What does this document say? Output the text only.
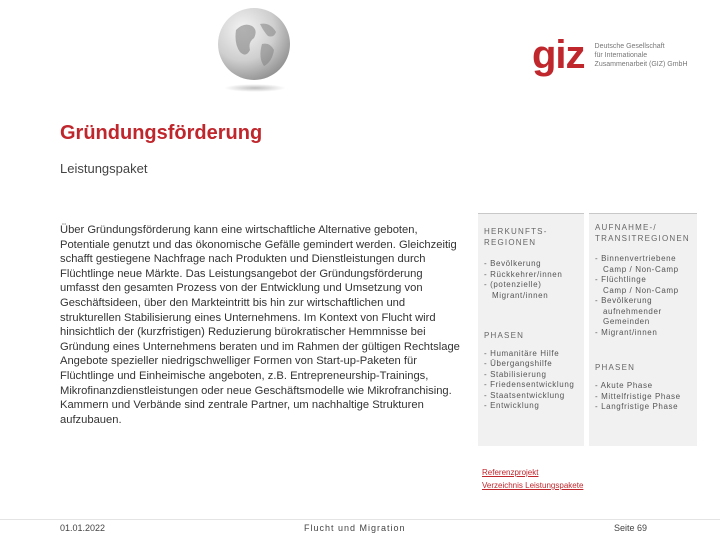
giz Deutsche Gesellschaft
für Internationale
Zusammenarbeit (GIZ) GmbH
Gründungsförderung
Leistungspaket

Über Gründungsförderung kann eine wirtschaftliche Alternative geboten, Potentiale genutzt und das ökonomische Gefälle gemindert werden. Gleichzeitig schafft gestiegene Nachfrage nach Produkten und Dienstleistungen durch Flüchtlinge neue Märkte. Das Leistungsangebot der Gründungsförderung umfasst den gesamten Prozess von der Entwicklung und Umsetzung von Geschäftsideen, über den Markteintritt bis hin zur wirtschaftlichen und strukturellen Stabilisierung eines Unternehmens. Im Kontext von Flucht wird hinsichtlich der (kurzfristigen) Reduzierung bürokratischer Hemmnisse bei Gründung eines Unternehmens beraten und im Rahmen der gültigen Rechtslage Angebote spezieller niedrigschwelliger Formen von Start-up-Paketen für Flüchtlinge und Einheimische angeboten, z.B. Entrepreneurship-Trainings, Mikrofinanzdienstleistungen oder neue Geschäftsmodelle wie Mikrofranchising. Kammern und Verbände sind zentrale Partner, um nachhaltige Strukturen aufzubauen.

HERKUNFTS-
REGIONEN
- Bevölkerung
- Rückkehrer/innen
- (potenzielle)
Migrant/innen
PHASEN
- Humanitäre Hilfe
- Übergangshilfe
- Stabilisierung
- Friedensentwicklung
- Staatsentwicklung
- Entwicklung
AUFNAHME-/
TRANSITREGIONEN
- Binnenvertriebene
Camp / Non-Camp
- Flüchtlinge
Camp / Non-Camp
- Bevölkerung
aufnehmender
Gemeinden
- Migrant/innen
PHASEN
- Akute Phase
- Mittelfristige Phase
- Langfristige Phase
Referenzprojekt
Verzeichnis Leistungspakete
01.01.2022	Flucht und Migration	Seite 69
